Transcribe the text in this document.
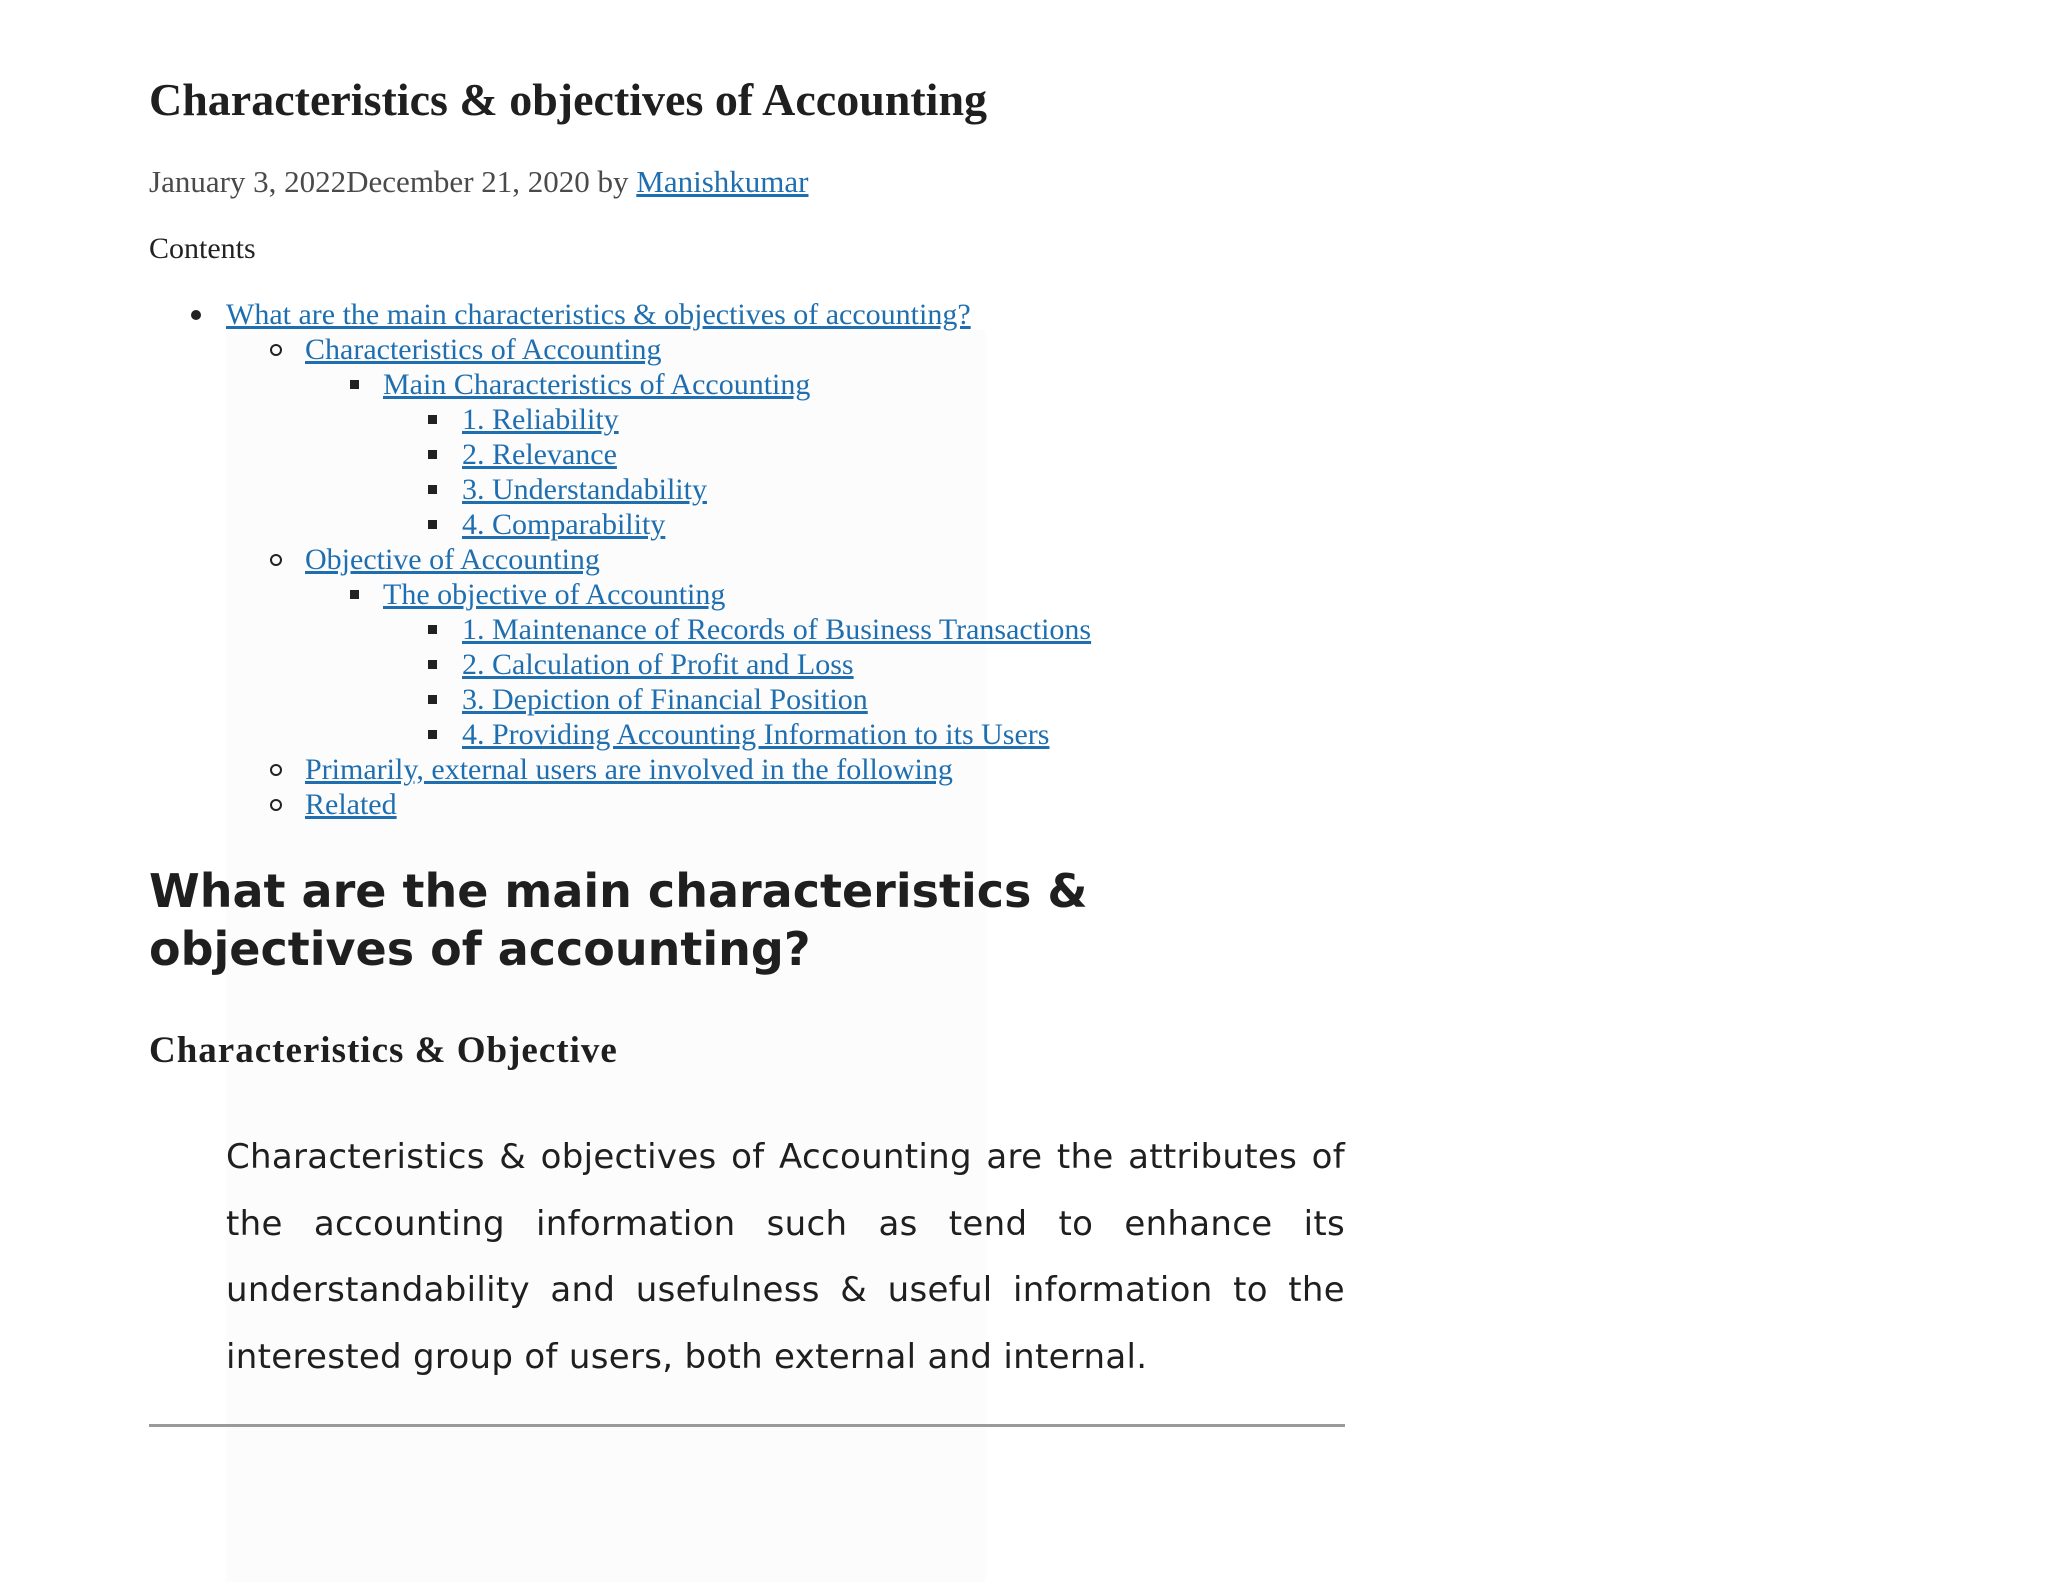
Characteristics & objectives of Accounting
January 3, 2022December 21, 2020 by Manishkumar
Contents
What are the main characteristics & objectives of accounting?
Characteristics of Accounting
Main Characteristics of Accounting
1. Reliability
2. Relevance
3. Understandability
4. Comparability
Objective of Accounting
The objective of Accounting
1. Maintenance of Records of Business Transactions
2. Calculation of Profit and Loss
3. Depiction of Financial Position
4. Providing Accounting Information to its Users
Primarily, external users are involved in the following
Related
What are the main characteristics & objectives of accounting?
Characteristics & Objective

Characteristics & objectives of Accounting are the attributes of the accounting information such as tend to enhance its understandability and usefulness & useful information to the interested group of users, both external and internal.
